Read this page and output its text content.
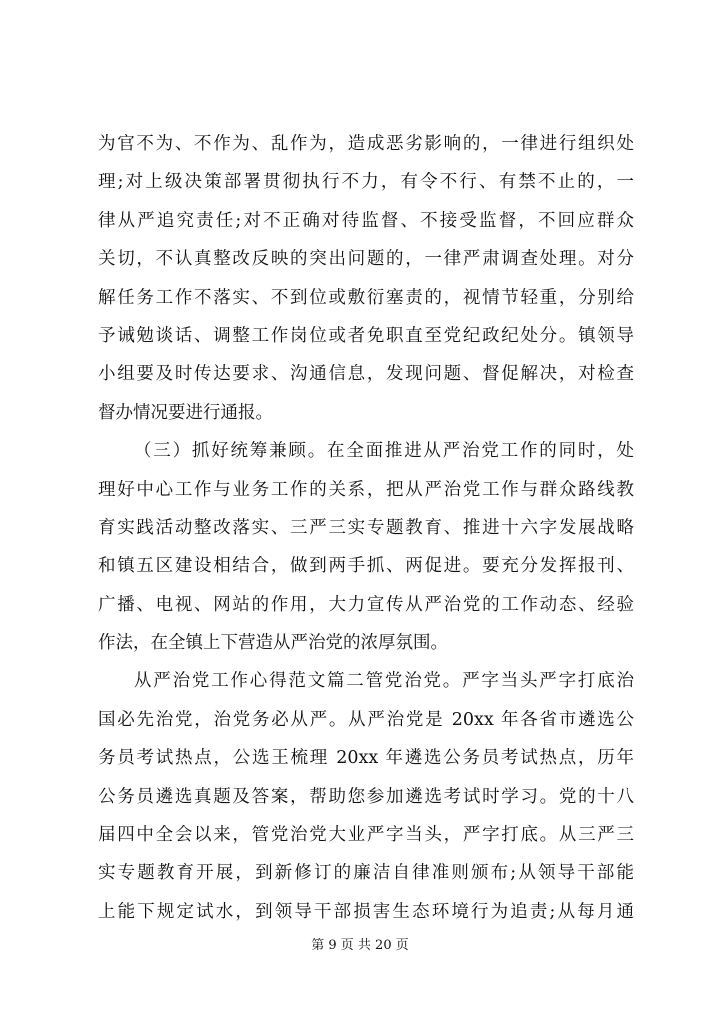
为官不为、不作为、乱作为，造成恶劣影响的，一律进行组织处
理;对上级决策部署贯彻执行不力，有令不行、有禁不止的，一
律从严追究责任;对不正确对待监督、不接受监督，不回应群众
关切，不认真整改反映的突出问题的，一律严肃调查处理。对分
解任务工作不落实、不到位或敷衍塞责的，视情节轻重，分别给
予诫勉谈话、调整工作岗位或者免职直至党纪政纪处分。镇领导
小组要及时传达要求、沟通信息，发现问题、督促解决，对检查
督办情况要进行通报。
（三）抓好统筹兼顾。在全面推进从严治党工作的同时，处
理好中心工作与业务工作的关系，把从严治党工作与群众路线教
育实践活动整改落实、三严三实专题教育、推进十六字发展战略
和镇五区建设相结合，做到两手抓、两促进。要充分发挥报刊、
广播、电视、网站的作用，大力宣传从严治党的工作动态、经验
作法，在全镇上下营造从严治党的浓厚氛围。
从严治党工作心得范文篇二管党治党。严字当头严字打底治
国必先治党，治党务必从严。从严治党是 20xx 年各省市遴选公
务员考试热点，公选王梳理 20xx 年遴选公务员考试热点，历年
公务员遴选真题及答案，帮助您参加遴选考试时学习。党的十八
届四中全会以来，管党治党大业严字当头，严字打底。从三严三
实专题教育开展，到新修订的廉洁自律准则颁布;从领导干部能
上能下规定试水，到领导干部损害生态环境行为追责;从每月通
第 9 页 共 20 页
